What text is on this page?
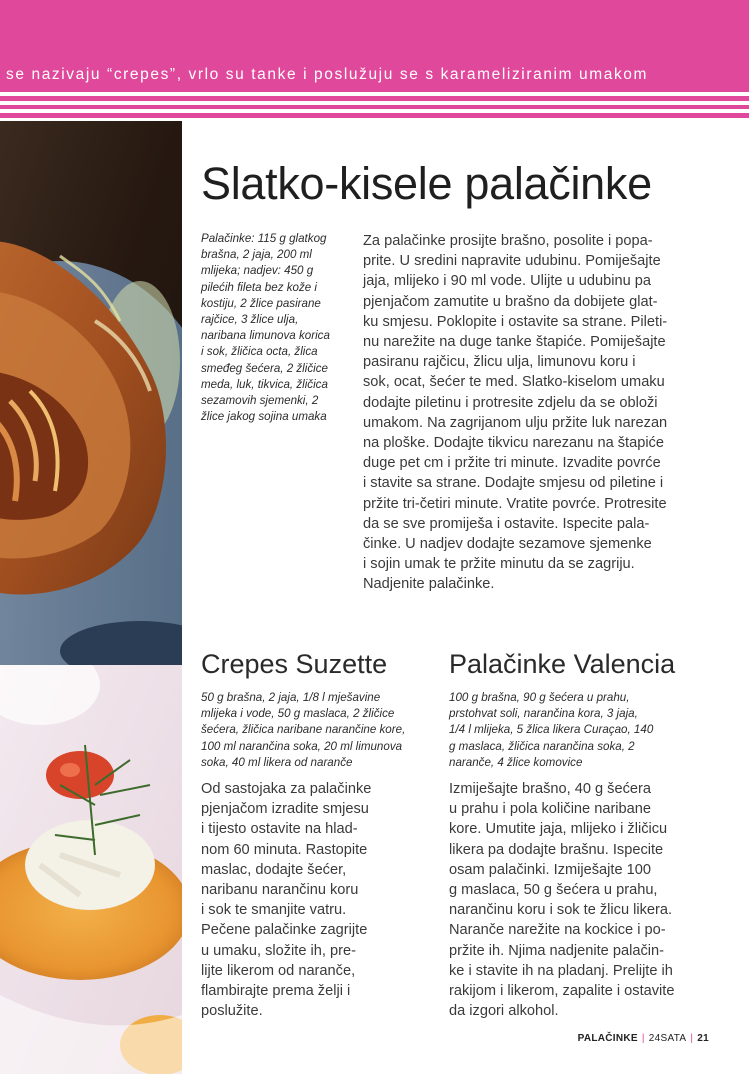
se nazivaju “crepes”, vrlo su tanke i poslužuju se s karameliziranim umakom
Slatko-kisele palačinke
Palačinke: 115 g glatkog
brašna, 2 jaja, 200 ml
mlijeka; nadjev: 450 g
pilećih fileta bez kože i
kostiju, 2 žlice pasirane
rajčice, 3 žlice ulja,
naribana limunova korica
i sok, žličica octa, žlica
smeđeg šećera, 2 žličice
meda, luk, tikvica, žličica
sezamovih sjemenki, 2
žlice jakog sojina umaka
Za palačinke prosijte brašno, posolite i popa-
prite. U sredini napravite udubinu. Pomiješajte
jaja, mlijeko i 90 ml vode. Ulijte u udubinu pa
pjenjačom zamutite u brašno da dobijete glat-
ku smjesu. Poklopite i ostavite sa strane. Pileti-
nu narežite na duge tanke štapiće. Pomiješajte
pasiranu rajčicu, žlicu ulja, limunovu koru i
sok, ocat, šećer te med. Slatko-kiselom umaku
dodajte piletinu i protresite zdjelu da se obloži
umakom. Na zagrijanom ulju pržite luk narezan
na ploške. Dodajte tikvicu narezanu na štapiće
duge pet cm i pržite tri minute. Izvadite povrće
i stavite sa strane. Dodajte smjesu od piletine i
pržite tri-četiri minute. Vratite povrće. Protresite
da se sve promiješa i ostavite. Ispecite pala-
činke. U nadjev dodajte sezamove sjemenke
i sojin umak te pržite minutu da se zagriju.
Nadjenite palačinke.
Crepes Suzette Palačinke Valencia
50 g brašna, 2 jaja, 1/8 l mješavine
mlijeka i vode, 50 g maslaca, 2 žličice
šećera, žličica naribane narančine kore,
100 ml narančina soka, 20 ml limunova
soka, 40 ml likera od naranče
100 g brašna, 90 g šećera u prahu,
prstohvat soli, narančina kora, 3 jaja,
1/4 l mlijeka, 5 žlica likera Curaçao, 140
g maslaca, žličica narančina soka, 2
naranče, 4 žlice komovice
Od sastojaka za palačinke
pjenjačom izradite smjesu
i tijesto ostavite na hlad-
nom 60 minuta. Rastopite
maslac, dodajte šećer,
naribanu narančinu koru
i sok te smanjite vatru.
Pečene palačinke zagrijte
u umaku, složite ih, pre-
lijte likerom od naranče,
flambirajte prema želji i
poslužite.
Izmiješajte brašno, 40 g šećera
u prahu i pola količine naribane
kore. Umutite jaja, mlijeko i žličicu
likera pa dodajte brašnu. Ispecite
osam palačinki. Izmiješajte 100
g maslaca, 50 g šećera u prahu,
narančinu koru i sok te žlicu likera.
Naranče narežite na kockice i po-
pržite ih. Njima nadjenite palačin-
ke i stavite ih na pladanj. Prelijte ih
rakijom i likerom, zapalite i ostavite
da izgori alkohol.
PALAČINKE | 24SATA | 21
